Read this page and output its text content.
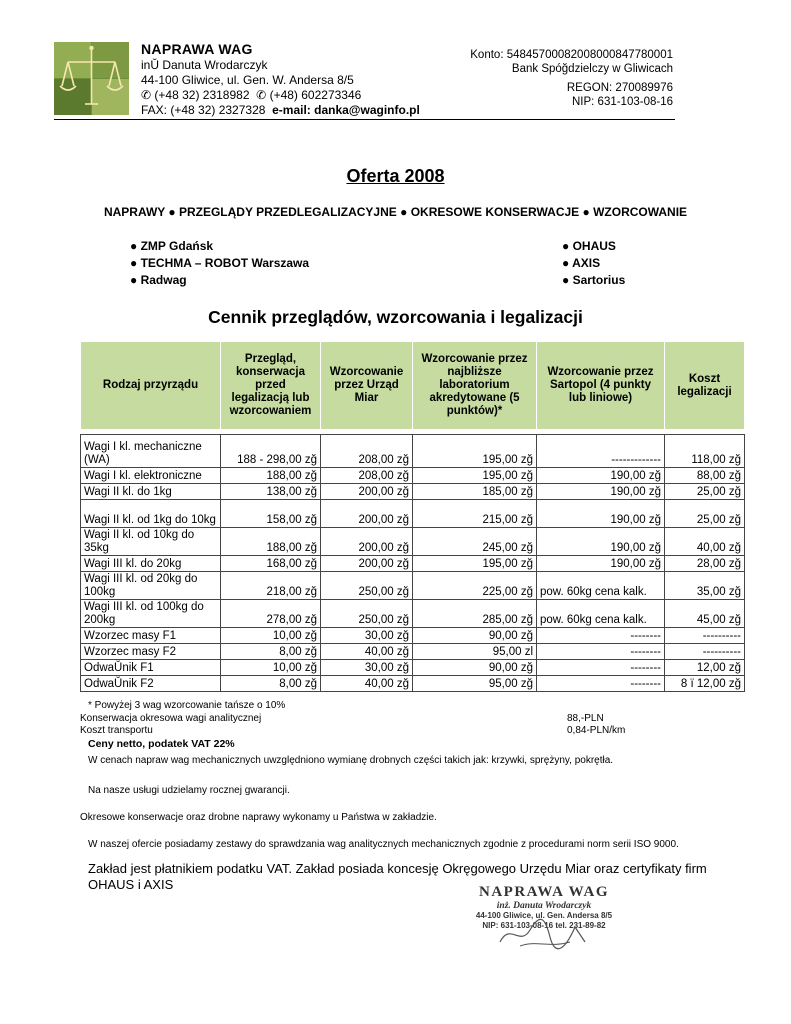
NAPRAWA WAG
inŬ Danuta Wrodarczyk
44-100 Gliwice, ul. Gen. W. Andersa 8/5
✆ (+48 32) 2318982 ✆ (+48) 602273346
FAX: (+48 32) 2327328 e-mail: danka@waginfo.pl
Konto: 54845700082008000847780001
Bank Spóğdzielczy w Gliwicach
REGON: 270089976
NIP: 631-103-08-16
Oferta 2008
NAPRAWY ● PRZEGLĄDY PRZEDLEGALIZACYJNE ● OKRESOWE KONSERWACJE ● WZORCOWANIE
● ZMP Gdańsk
● TECHMA – ROBOT Warszawa
● Radwag
● OHAUS
● AXIS
● Sartorius
Cennik przeglądów, wzorcowania i legalizacji
Rodzaj przyrządu	Przegląd, konserwacja przed legalizacją lub wzorcowaniem	Wzorcowanie przez Urząd Miar	Wzorcowanie przez najbliższe laboratorium akredytowane (5 punktów)*	Wzorcowanie przez Sartopol (4 punkty lub liniowe)	Koszt legalizacji

Wagi I kl. mechaniczne (WA)	188 - 298,00 zğ	208,00 zğ	195,00 zğ	-------------	118,00 zğ
Wagi I kl. elektroniczne	188,00 zğ	208,00 zğ	195,00 zğ	190,00 zğ	88,00 zğ
Wagi II kl. do 1kg	138,00 zğ	200,00 zğ	185,00 zğ	190,00 zğ	25,00 zğ
Wagi II kl. od 1kg do 10kg	158,00 zğ	200,00 zğ	215,00 zğ	190,00 zğ	25,00 zğ
Wagi II kl. od 10kg do 35kg	188,00 zğ	200,00 zğ	245,00 zğ	190,00 zğ	40,00 zğ
Wagi III kl. do 20kg	168,00 zğ	200,00 zğ	195,00 zğ	190,00 zğ	28,00 zğ
Wagi III kl. od 20kg do 100kg	218,00 zğ	250,00 zğ	225,00 zğ	pow. 60kg cena kalk.	35,00 zğ
Wagi III kl. od 100kg do 200kg	278,00 zğ	250,00 zğ	285,00 zğ	pow. 60kg cena kalk.	45,00 zğ
Wzorzec masy F1	10,00 zğ	30,00 zğ	90,00 zğ	--------	----------
Wzorzec masy F2	8,00 zğ	40,00 zğ	95,00 zl	--------	----------
OdwaŬnik F1	10,00 zğ	30,00 zğ	90,00 zğ	--------	12,00 zğ
OdwaŬnik F2	8,00 zğ	40,00 zğ	95,00 zğ	--------	8 ï 12,00 zğ
* Powyżej 3 wag wzorcowanie tańsze o 10%
Konserwacja okresowa wagi analitycznej	88,-PLN
Koszt transportu	0,84-PLN/km
Ceny netto, podatek VAT 22%
W cenach napraw wag mechanicznych uwzględniono wymianę drobnych części takich jak: krzywki, sprężyny, pokrętła.
Na nasze usługi udzielamy rocznej gwarancji.
Okresowe konserwacje oraz drobne naprawy wykonamy u Państwa w zakładzie.
W naszej ofercie posiadamy zestawy do sprawdzania wag analitycznych mechanicznych zgodnie z procedurami norm serii ISO 9000.
Zakład jest płatnikiem podatku VAT. Zakład posiada koncesję Okręgowego Urzędu Miar oraz certyfikaty firm OHAUS i AXIS	NAPRAWA WAG
inż. Danuta Wrodarczyk
44-100 Gliwice, ul. Gen. Andersa 8/5
NIP: 631-103-08-16 tel. 231-89-82
